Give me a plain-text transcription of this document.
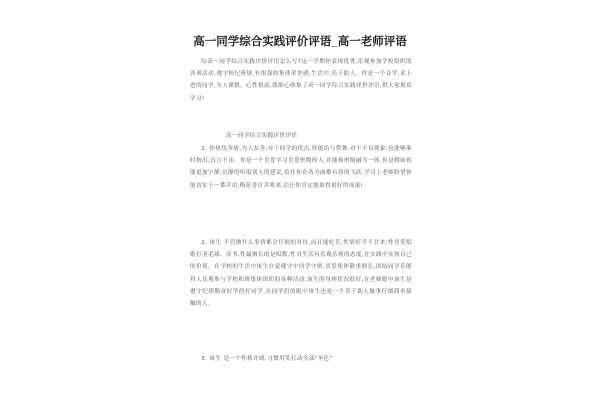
高一同学综合实践评价评语_高一老师评语

综高一同学综合实践评价评语怎么写?这一学期你表现优秀,乐观参加学校组织的各项活动,遵守校纪班规,有很强的集体荣誉感,生活中,乐于助人。你是一个音学,求上进的同学,为人谨慎。心性很高,我细心收集了高一同学综合实践评价评语,供大家观赏学习!

高一同学综合实践评价评语

1. 你热忱奔放,为人友善,对于同学的优点,你能给与赞舞,对于不良现象,也能够准时指出,直言不讳。你是一个喜爱学习喜爱班级的人,并能和班级融为一体,但是假如你能更加宁静,沉静的听取别人的建议,信任你在各方面都有质的飞跃,学习上老师盼望你能切实下一番苦功,梅花香自苦寒来,信任你肯定能取得更好的成果!

2. 该生 不管做什么事情都会仔细的对待,而且能吃苦,性情好学不甘来;性喜爱唱歌打羽毛球、读书,性最擅长的是唱歌,性对生活有乐观乐观的态度,在实践中实现自己的价值。在学校的生活中该生自觉遵守中同学守则,喜爱集体敬重师长,团结同学乐能将人乐观参与学校和班集体组织的各种活动,该生的身体状况很好,在老师眼中该生是遵守纪律勤奋好学的好同学,在同学们的眼中该生也是一个乐于助人做事仔细简单接触的人。

3. 该生 是一个性格开朗,习惯用笑打动全部"冬色"
